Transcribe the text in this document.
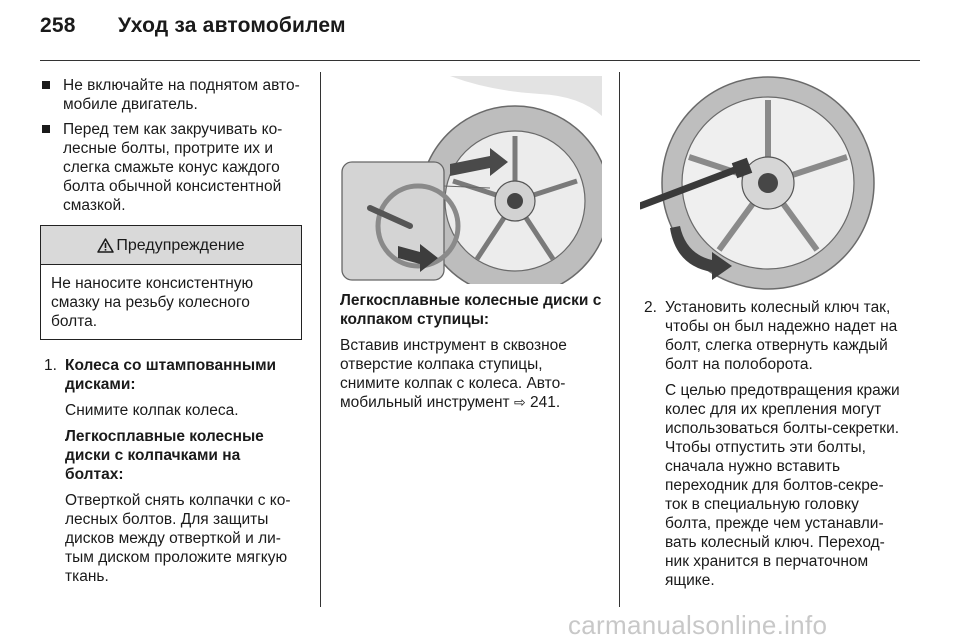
258 Уход за автомобилем
Не включайте на поднятом авто-мобиле двигатель.
Перед тем как закручивать ко-лесные болты, протрите их и слегка смажьте конус каждого болта обычной консистентной смазкой.
Предупреждение
Не наносите консистентную смазку на резьбу колесного болта.
1. Колеса со штампованными дисками:

Снимите колпак колеса.

Легкосплавные колесные диски с колпачками на болтах:

Отверткой снять колпачки с ко-лесных болтов. Для защиты дисков между отверткой и ли-тым диском проложите мягкую ткань.

Легкосплавные колесные диски с колпаком ступицы:

Вставив инструмент в сквозное отверстие колпака ступицы, снимите колпак с колеса. Авто-мобильный инструмент ⇨ 241.

2. Установить колесный ключ так, чтобы он был надежно надет на болт, слегка отвернуть каждый болт на полоборота.

С целью предотвращения кражи колес для их крепления могут использоваться болты-секретки. Чтобы отпустить эти болты, сначала нужно вставить переходник для болтов-секре-ток в специальную головку болта, прежде чем устанавли-вать колесный ключ. Переход-ник хранится в перчаточном ящике.

carmanualsonline.info
